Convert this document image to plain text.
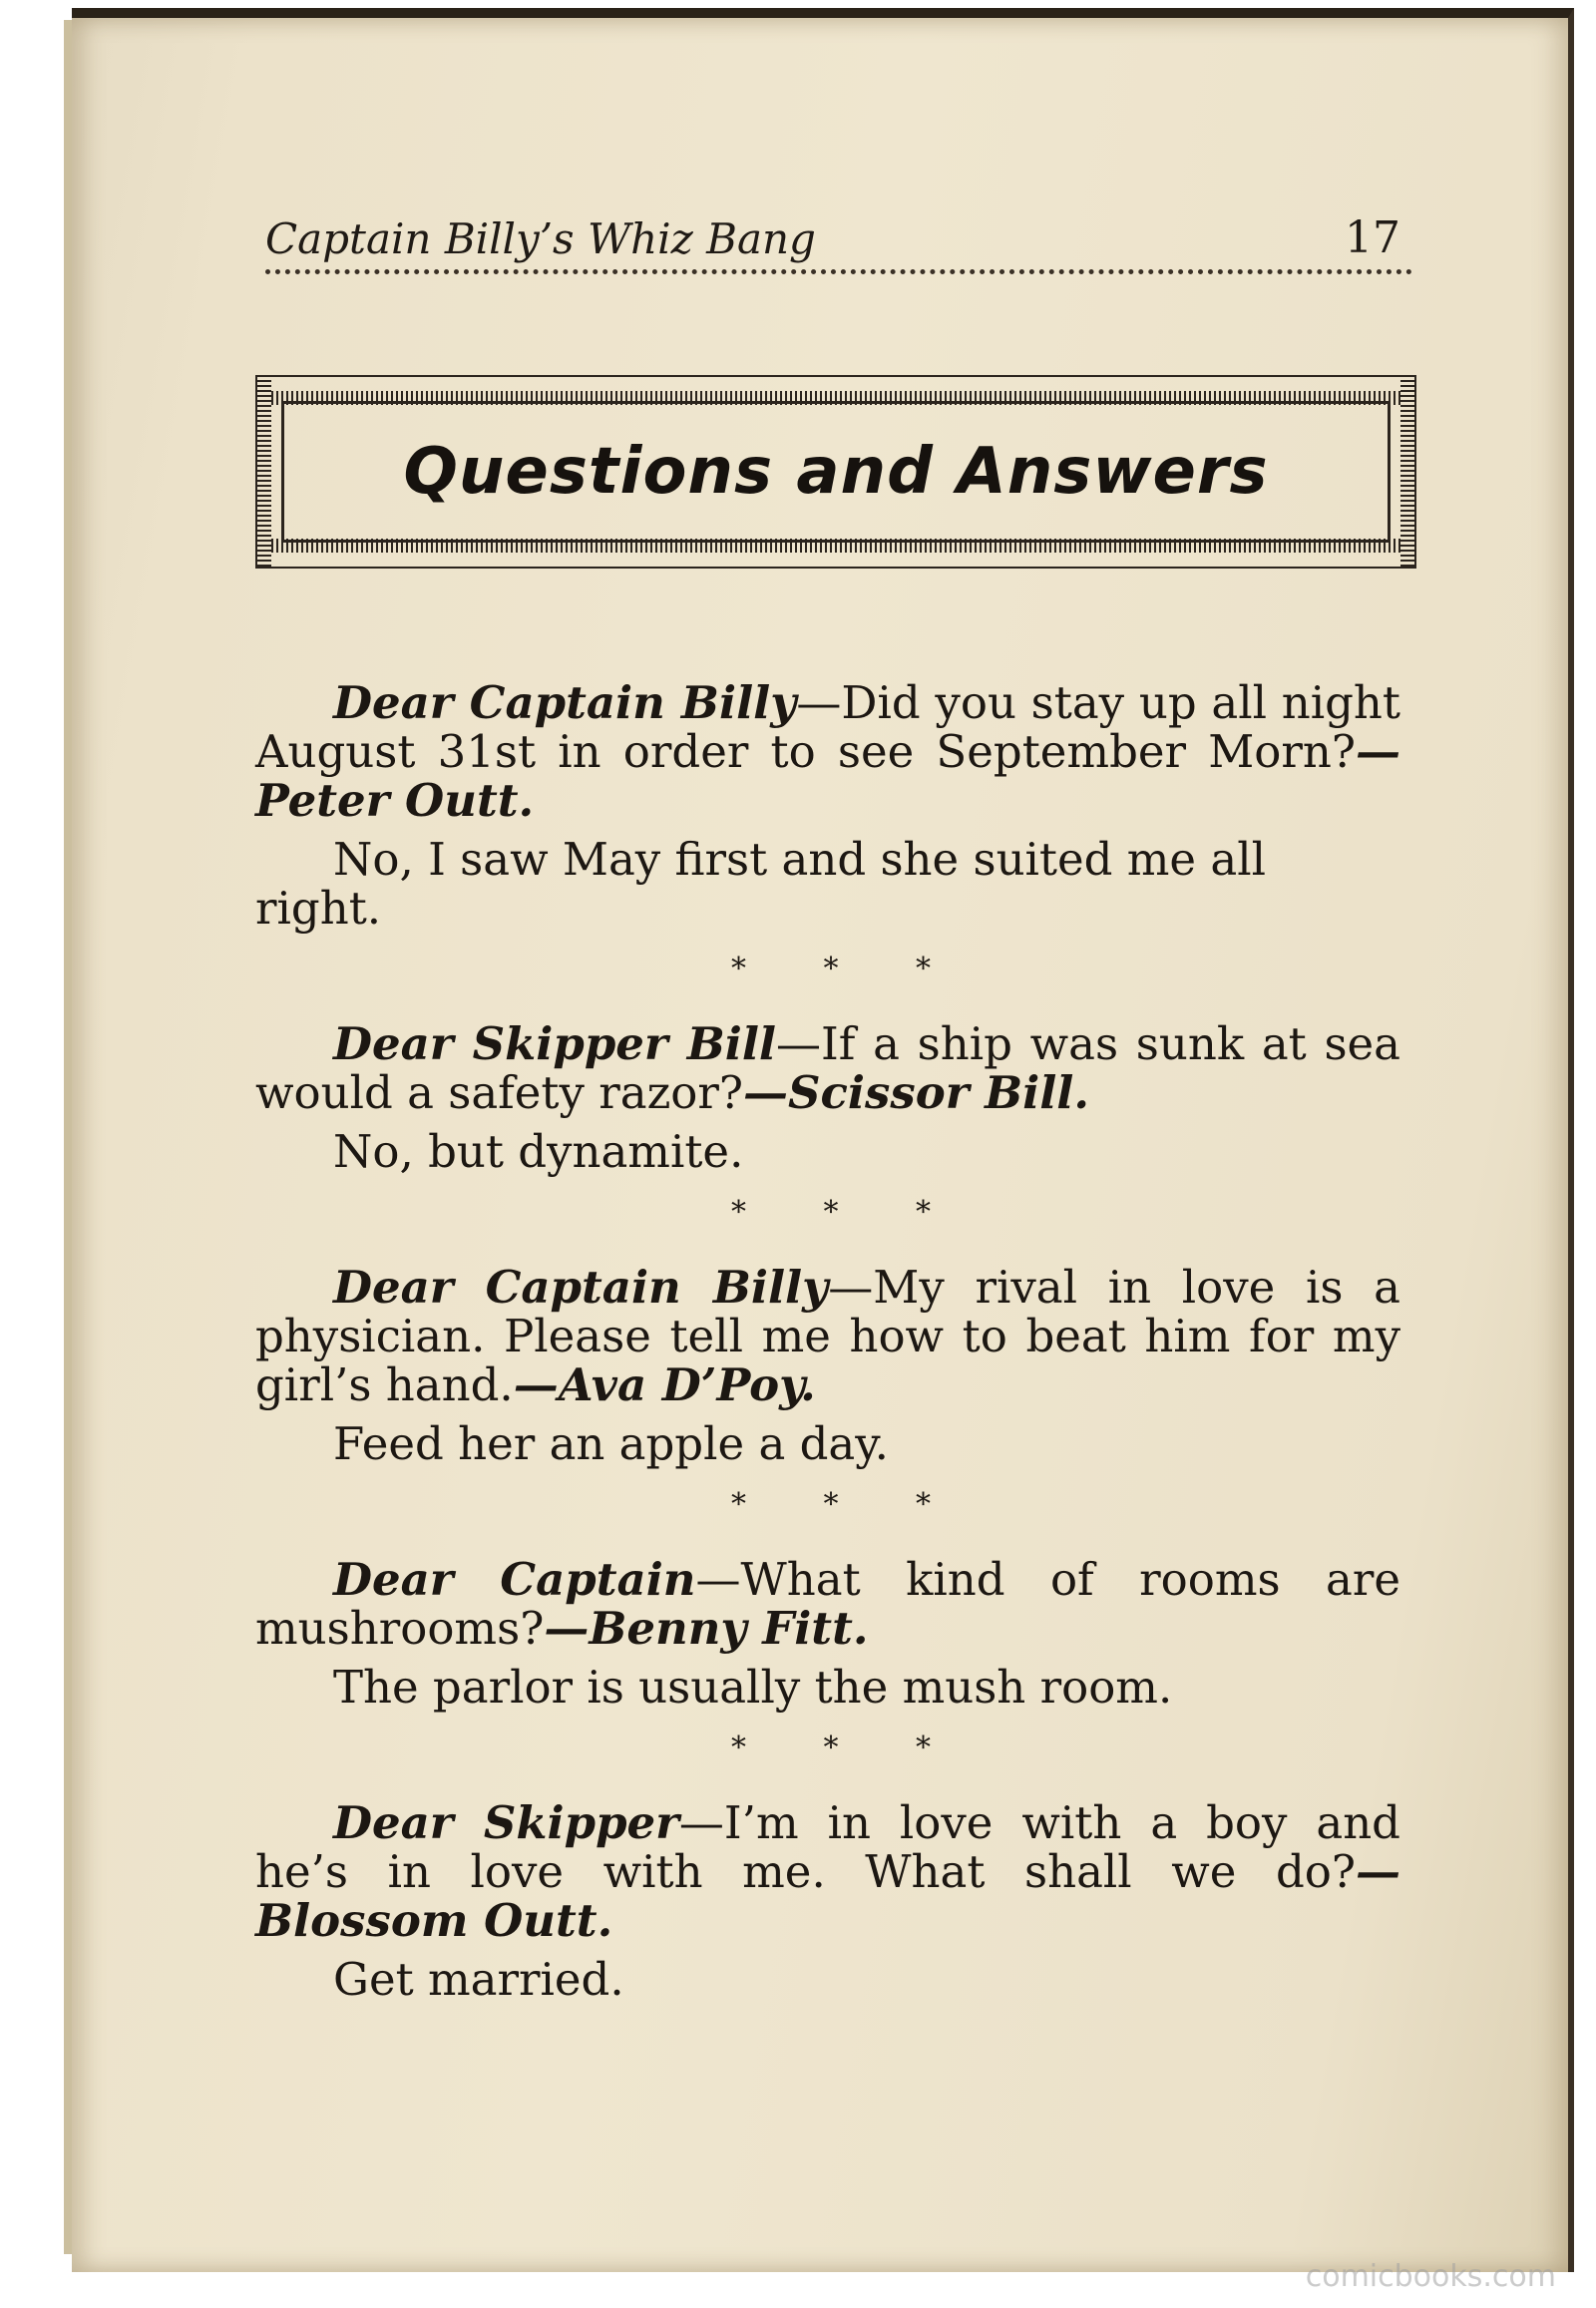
Captain Billy’s Whiz Bang	17
Questions and Answers

Dear Captain Billy—Did you stay up all night August 31st in order to see September Morn?—Peter Outt.

No, I saw May first and she suited me all right.

* * *

Dear Skipper Bill—If a ship was sunk at sea would a safety razor?—Scissor Bill.

No, but dynamite.

* * *

Dear Captain Billy—My rival in love is a physician. Please tell me how to beat him for my girl’s hand.—Ava D’Poy.

Feed her an apple a day.

* * *

Dear Captain—What kind of rooms are mushrooms?—Benny Fitt.

The parlor is usually the mush room.

* * *

Dear Skipper—I’m in love with a boy and he’s in love with me. What shall we do?—Blossom Outt.

Get married.

comicbooks.com
